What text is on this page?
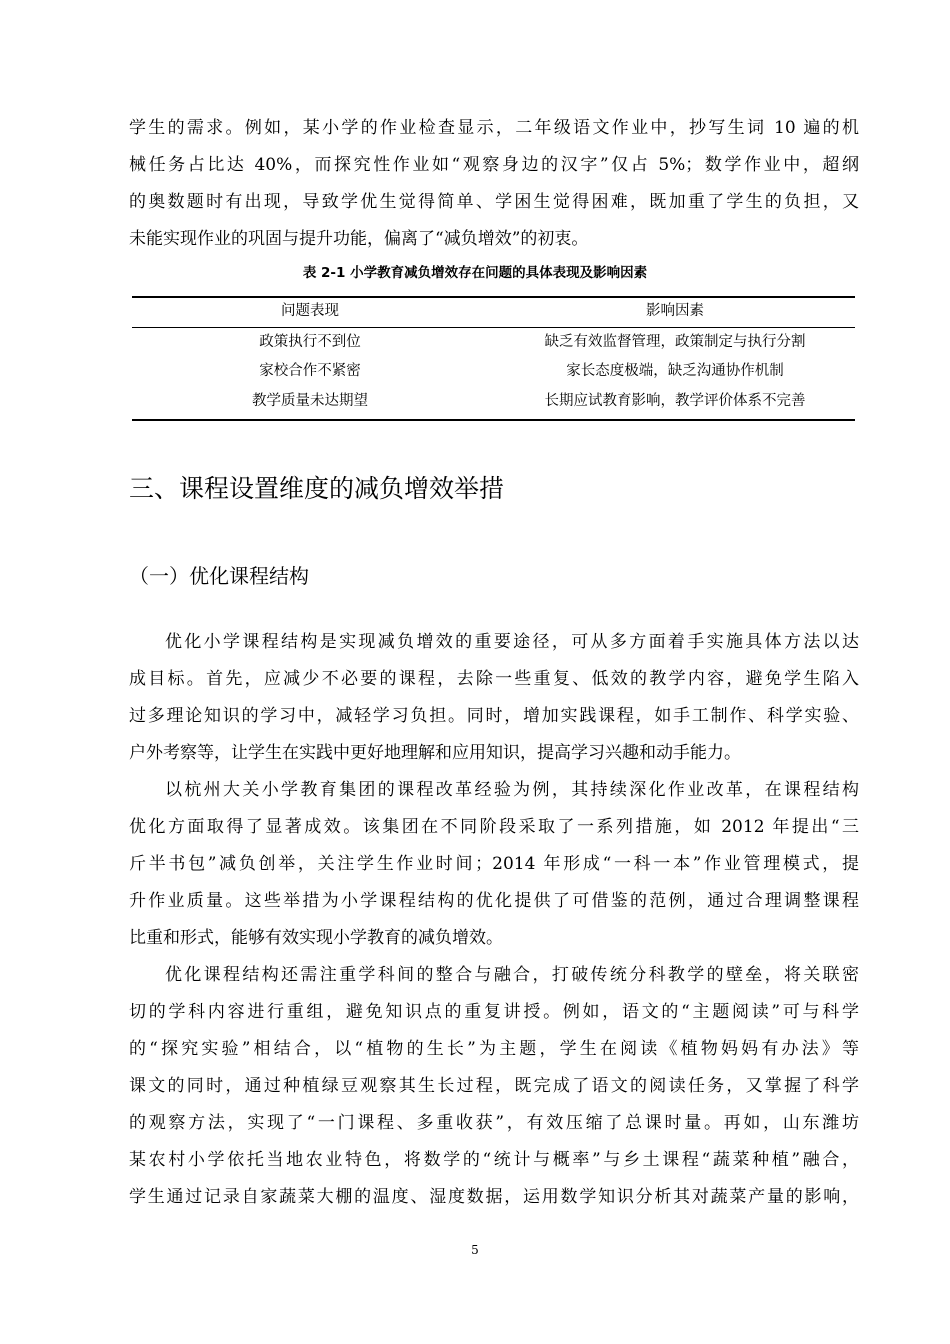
学生的需求。例如，某小学的作业检查显示，二年级语文作业中，抄写生词 10 遍的机
械任务占比达 40%，而探究性作业如“观察身边的汉字”仅占 5%；数学作业中，超纲
的奥数题时有出现，导致学优生觉得简单、学困生觉得困难，既加重了学生的负担，又
未能实现作业的巩固与提升功能，偏离了“减负增效”的初衷。
表 2-1 小学教育减负增效存在问题的具体表现及影响因素
问题表现	影响因素
政策执行不到位	缺乏有效监督管理，政策制定与执行分割
家校合作不紧密	家长态度极端，缺乏沟通协作机制
教学质量未达期望	长期应试教育影响，教学评价体系不完善
三、课程设置维度的减负增效举措
（一）优化课程结构
优化小学课程结构是实现减负增效的重要途径，可从多方面着手实施具体方法以达
成目标。首先，应减少不必要的课程，去除一些重复、低效的教学内容，避免学生陷入
过多理论知识的学习中，减轻学习负担。同时，增加实践课程，如手工制作、科学实验、
户外考察等，让学生在实践中更好地理解和应用知识，提高学习兴趣和动手能力。
以杭州大关小学教育集团的课程改革经验为例，其持续深化作业改革，在课程结构
优化方面取得了显著成效。该集团在不同阶段采取了一系列措施，如 2012 年提出“三
斤半书包”减负创举，关注学生作业时间；2014 年形成“一科一本”作业管理模式，提
升作业质量。这些举措为小学课程结构的优化提供了可借鉴的范例，通过合理调整课程
比重和形式，能够有效实现小学教育的减负增效。
优化课程结构还需注重学科间的整合与融合，打破传统分科教学的壁垒，将关联密
切的学科内容进行重组，避免知识点的重复讲授。例如，语文的“主题阅读”可与科学
的“探究实验”相结合，以“植物的生长”为主题，学生在阅读《植物妈妈有办法》等
课文的同时，通过种植绿豆观察其生长过程，既完成了语文的阅读任务，又掌握了科学
的观察方法，实现了“一门课程、多重收获”，有效压缩了总课时量。再如，山东潍坊
某农村小学依托当地农业特色，将数学的“统计与概率”与乡土课程“蔬菜种植”融合，
学生通过记录自家蔬菜大棚的温度、湿度数据，运用数学知识分析其对蔬菜产量的影响，
5
